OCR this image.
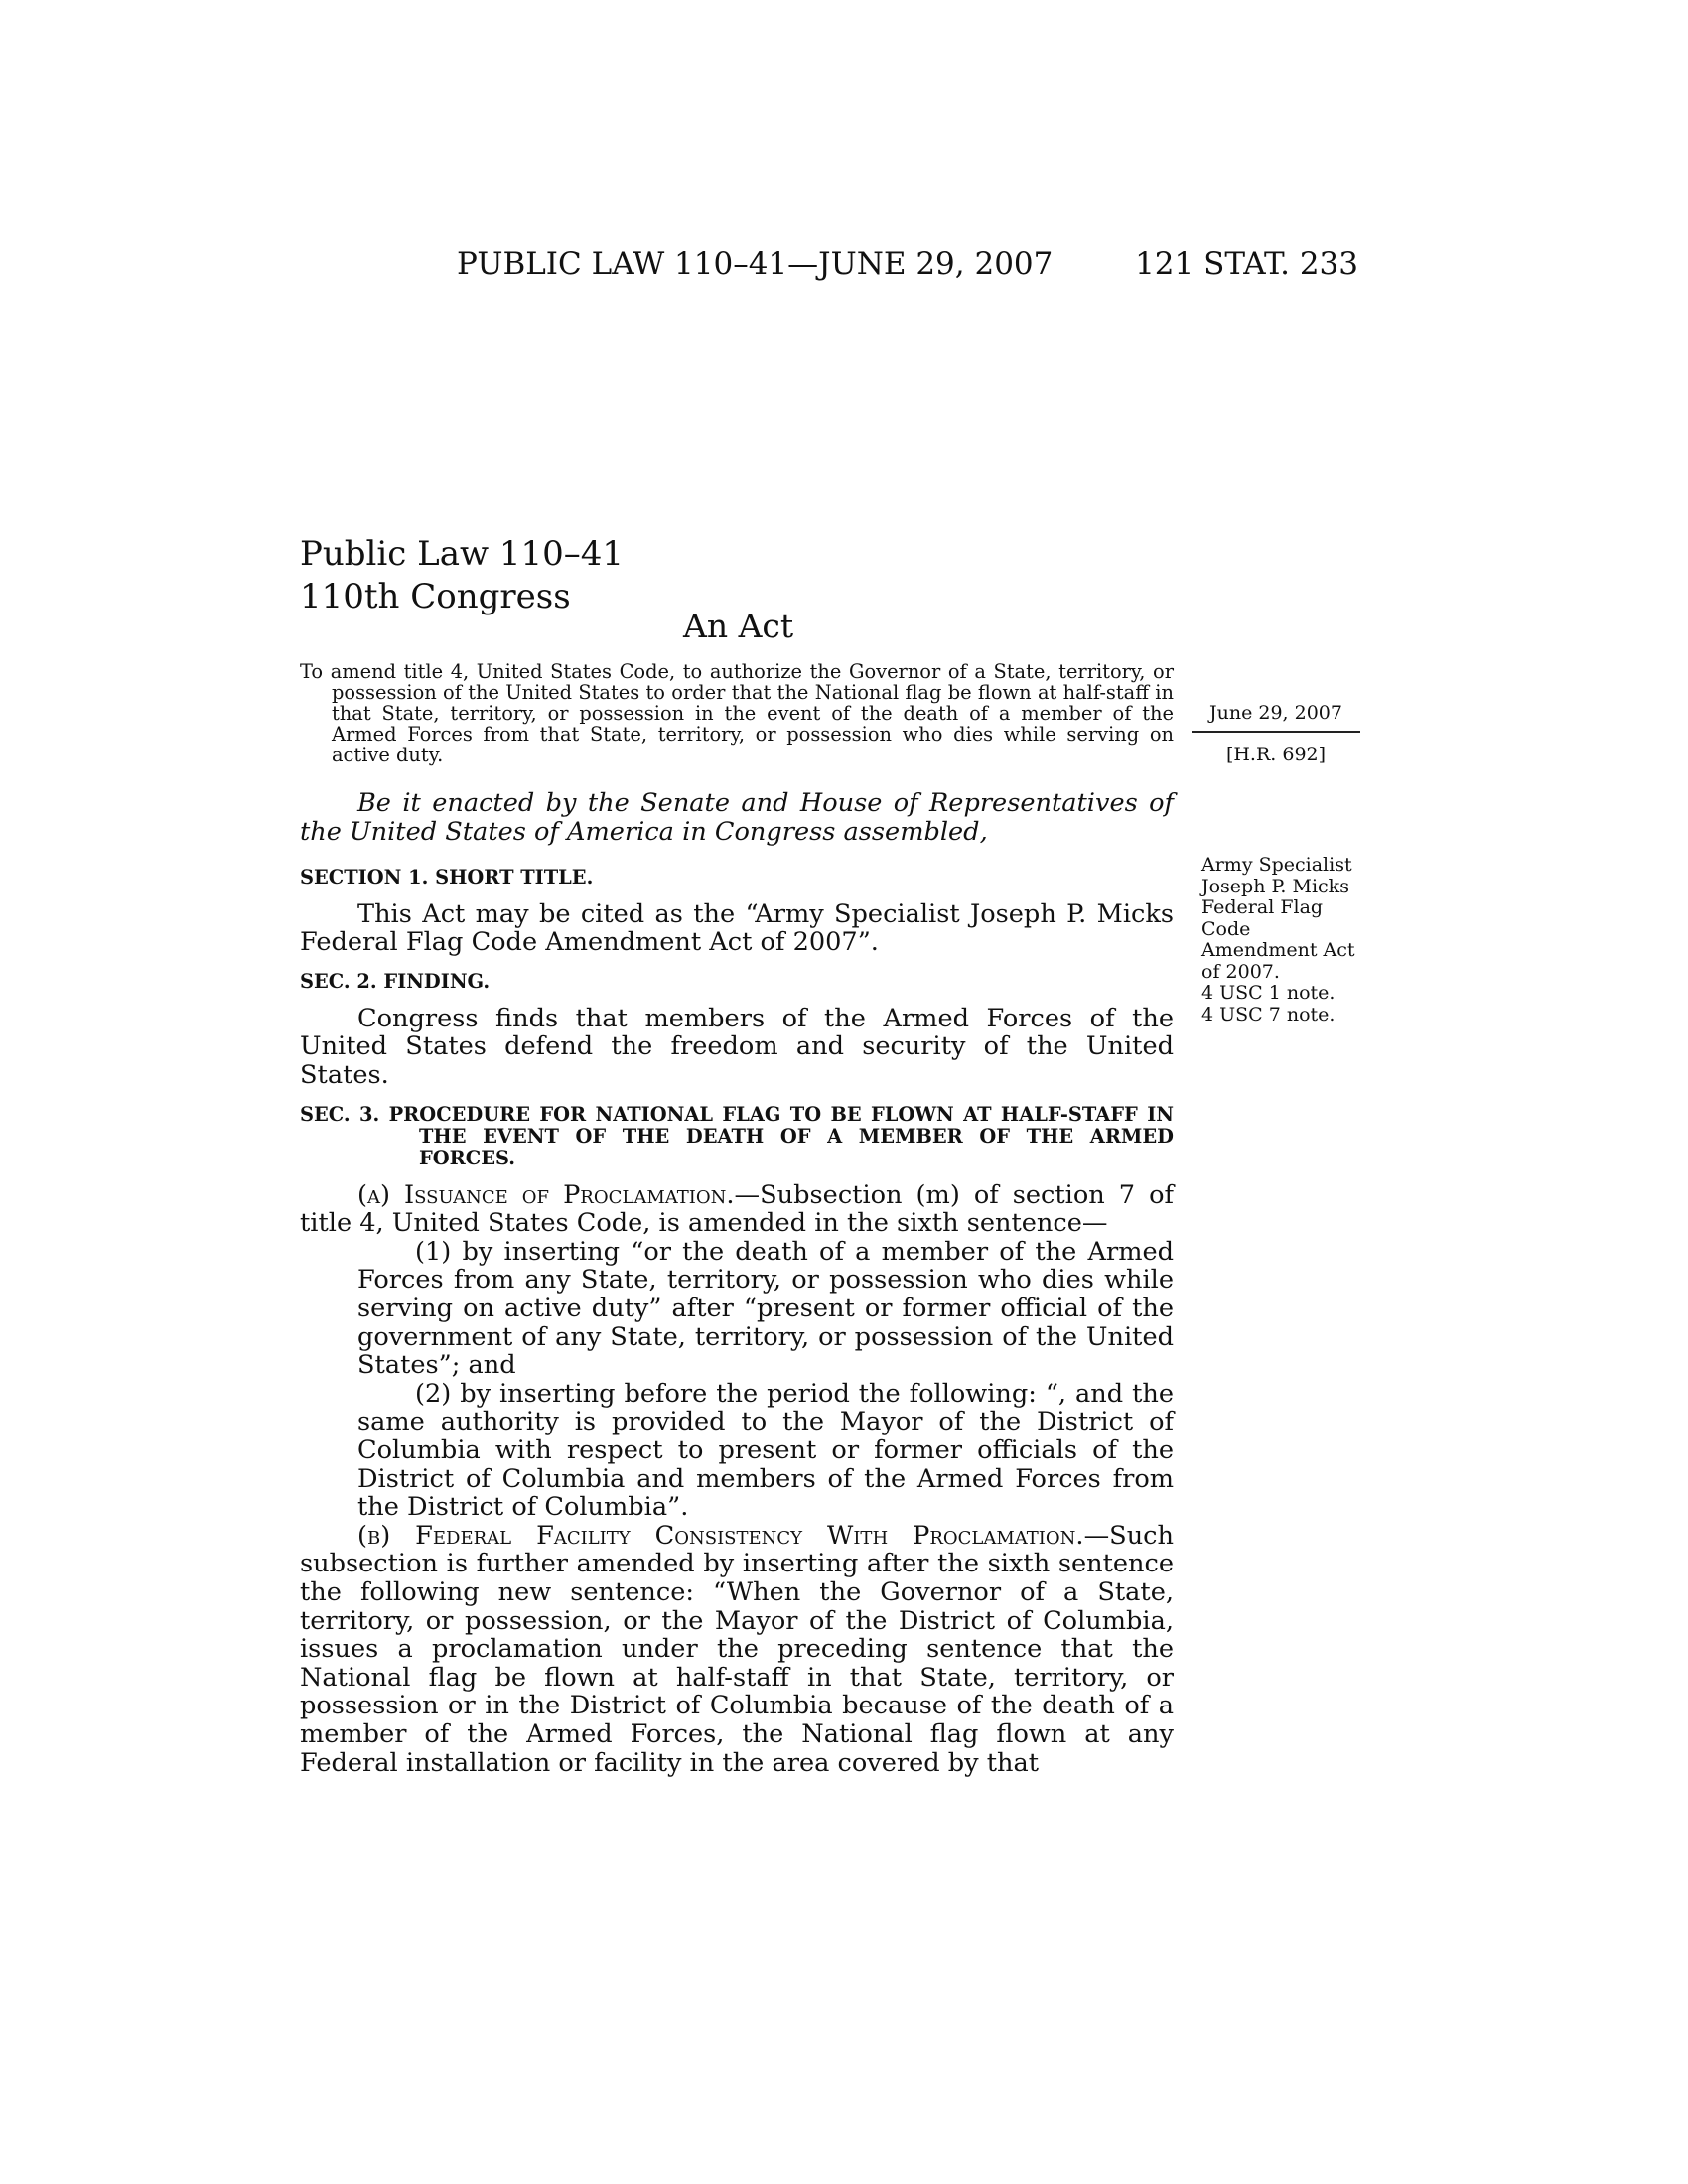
PUBLIC LAW 110–41—JUNE 29, 2007	121 STAT. 233
Public Law 110–41
110th Congress
An Act
June 29, 2007
[H.R. 692]
Army Specialist
Joseph P. Micks
Federal Flag
Code
Amendment Act
of 2007.
4 USC 1 note.
4 USC 7 note.

To amend title 4, United States Code, to authorize the Governor of a State, territory, or possession of the United States to order that the National flag be flown at half-staff in that State, territory, or possession in the event of the death of a member of the Armed Forces from that State, territory, or possession who dies while serving on active duty.

Be it enacted by the Senate and House of Representatives of the United States of America in Congress assembled,

SECTION 1. SHORT TITLE.

This Act may be cited as the “Army Specialist Joseph P. Micks Federal Flag Code Amendment Act of 2007”.

SEC. 2. FINDING.

Congress finds that members of the Armed Forces of the United States defend the freedom and security of the United States.

SEC. 3. PROCEDURE FOR NATIONAL FLAG TO BE FLOWN AT HALF-STAFF IN THE EVENT OF THE DEATH OF A MEMBER OF THE ARMED FORCES.

(a) Issuance of Proclamation.—Subsection (m) of section 7 of title 4, United States Code, is amended in the sixth sentence—

(1) by inserting “or the death of a member of the Armed Forces from any State, territory, or possession who dies while serving on active duty” after “present or former official of the government of any State, territory, or possession of the United States”; and

(2) by inserting before the period the following: “, and the same authority is provided to the Mayor of the District of Columbia with respect to present or former officials of the District of Columbia and members of the Armed Forces from the District of Columbia”.

(b) Federal Facility Consistency With Proclamation.—Such subsection is further amended by inserting after the sixth sentence the following new sentence: “When the Governor of a State, territory, or possession, or the Mayor of the District of Columbia, issues a proclamation under the preceding sentence that the National flag be flown at half-staff in that State, territory, or possession or in the District of Columbia because of the death of a member of the Armed Forces, the National flag flown at any Federal installation or facility in the area covered by that
